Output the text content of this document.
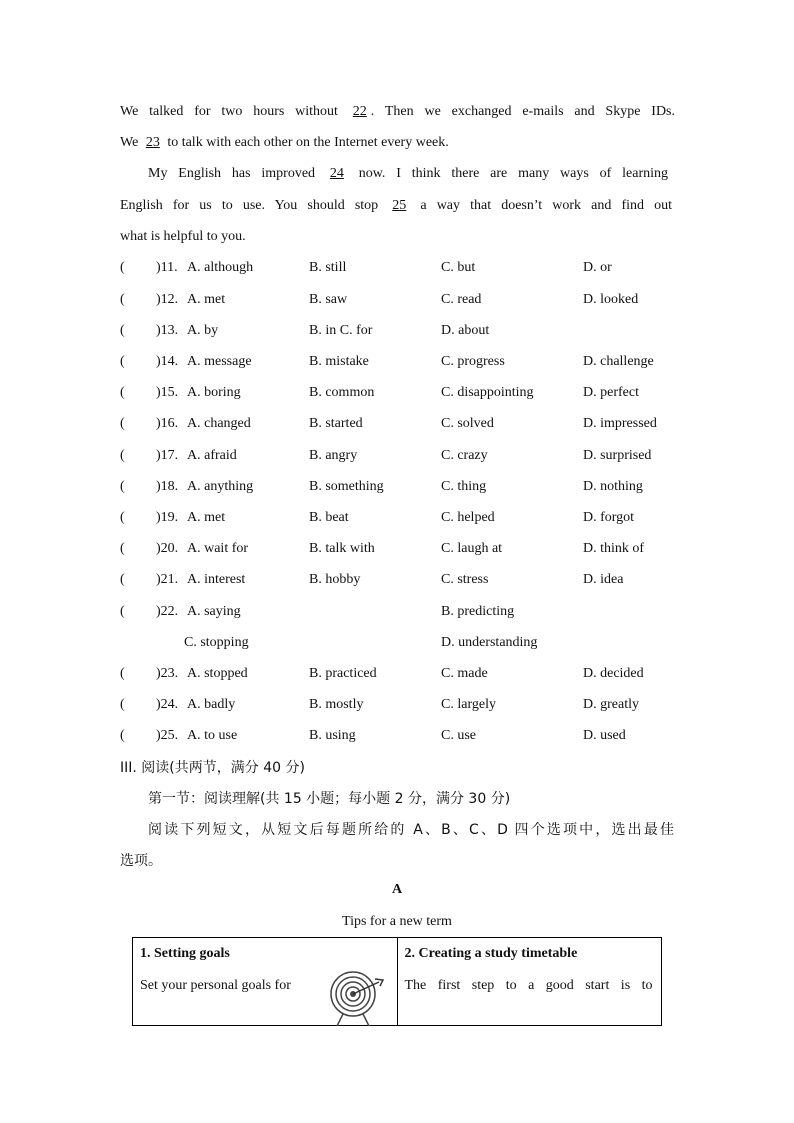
We talked for two hours without 22 . Then we exchanged e-mails and Skype IDs.
We 23 to talk with each other on the Internet every week.
My English has improved 24 now. I think there are many ways of learning
English for us to use. You should stop 25 a way that doesn’t work and find out
what is helpful to you.
( )11. A. although	B. still	C. but	D. or
( )12. A. met	B. saw	C. read	D. looked
( )13. A. by	B. in C. for	D. about
( )14. A. message	B. mistake	C. progress	D. challenge
( )15. A. boring	B. common	C. disappointing	D. perfect
( )16. A. changed	B. started	C. solved	D. impressed
( )17. A. afraid	B. angry	C. crazy	D. surprised
( )18. A. anything	B. something	C. thing	D. nothing
( )19. A. met	B. beat	C. helped	D. forgot
( )20. A. wait for	B. talk with	C. laugh at	D. think of
( )21. A. interest	B. hobby	C. stress	D. idea
( )22. A. saying	B. predicting
C. stopping	D. understanding
( )23. A. stopped	B. practiced	C. made	D. decided
( )24. A. badly	B. mostly	C. largely	D. greatly
( )25. A. to use	B. using	C. use	D. used
III. 阅读(共两节，满分 40 分)
第一节：阅读理解(共 15 小题；每小题 2 分，满分 30 分)
阅读下列短文，从短文后每题所给的 A、B、C、D 四个选项中，选出最佳
选项。
A
Tips for a new term
1. Setting goals
Set your personal goals for

2. Creating a study timetable
The first step to a good start is to
